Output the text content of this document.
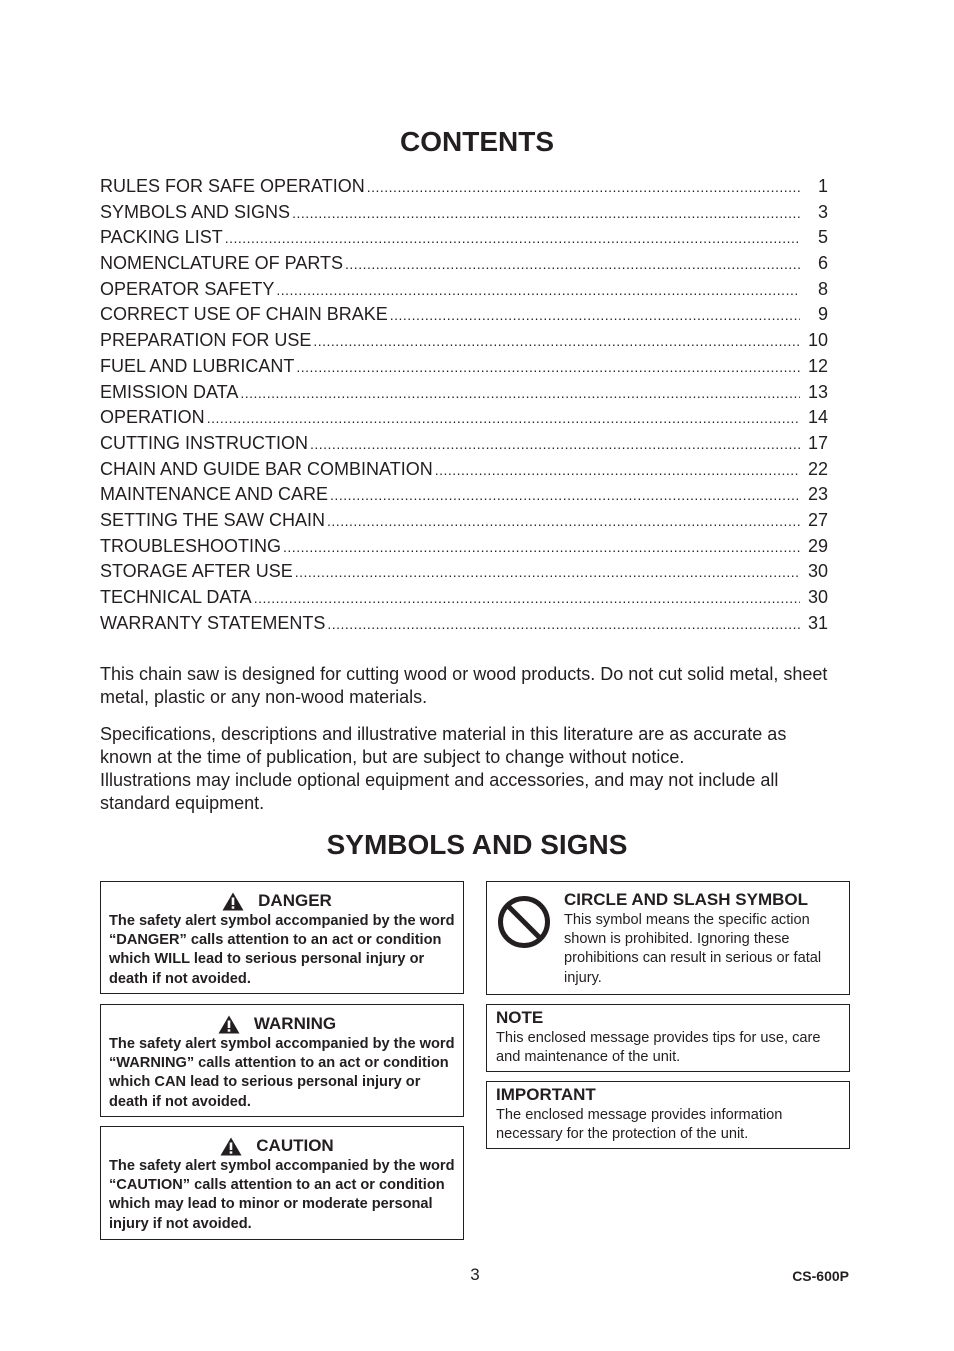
CONTENTS
RULES FOR SAFE OPERATION .....	1
SYMBOLS AND SIGNS .....	3
PACKING LIST .....	5
NOMENCLATURE OF PARTS .....	6
OPERATOR SAFETY .....	8
CORRECT USE OF CHAIN BRAKE .....	9
PREPARATION FOR USE .....	10
FUEL AND LUBRICANT .....	12
EMISSION DATA .....	13
OPERATION .....	14
CUTTING INSTRUCTION .....	17
CHAIN AND GUIDE BAR COMBINATION .....	22
MAINTENANCE AND CARE .....	23
SETTING THE SAW CHAIN .....	27
TROUBLESHOOTING .....	29
STORAGE AFTER USE .....	30
TECHNICAL DATA .....	30
WARRANTY STATEMENTS .....	31

This chain saw is designed for cutting wood or wood products. Do not cut solid metal, sheet metal, plastic or any non-wood materials.

Specifications, descriptions and illustrative material in this literature are as accurate as known at the time of publication, but are subject to change without notice.

Illustrations may include optional equipment and accessories, and may not include all standard equipment.

SYMBOLS AND SIGNS
DANGER
The safety alert symbol accompanied by the word “DANGER” calls attention to an act or condition which WILL lead to serious personal injury or death if not avoided.
WARNING
The safety alert symbol accompanied by the word “WARNING” calls attention to an act or condition which CAN lead to serious personal injury or death if not avoided.
CAUTION
The safety alert symbol accompanied by the word “CAUTION” calls attention to an act or condition which may lead to minor or moderate personal injury if not avoided.
CIRCLE AND SLASH SYMBOL
This symbol means the specific action shown is prohibited. Ignoring these prohibitions can result in serious or fatal injury.
NOTE
This enclosed message provides tips for use, care and maintenance of the unit.
IMPORTANT
The enclosed message provides information necessary for the protection of the unit.
3	CS-600P
